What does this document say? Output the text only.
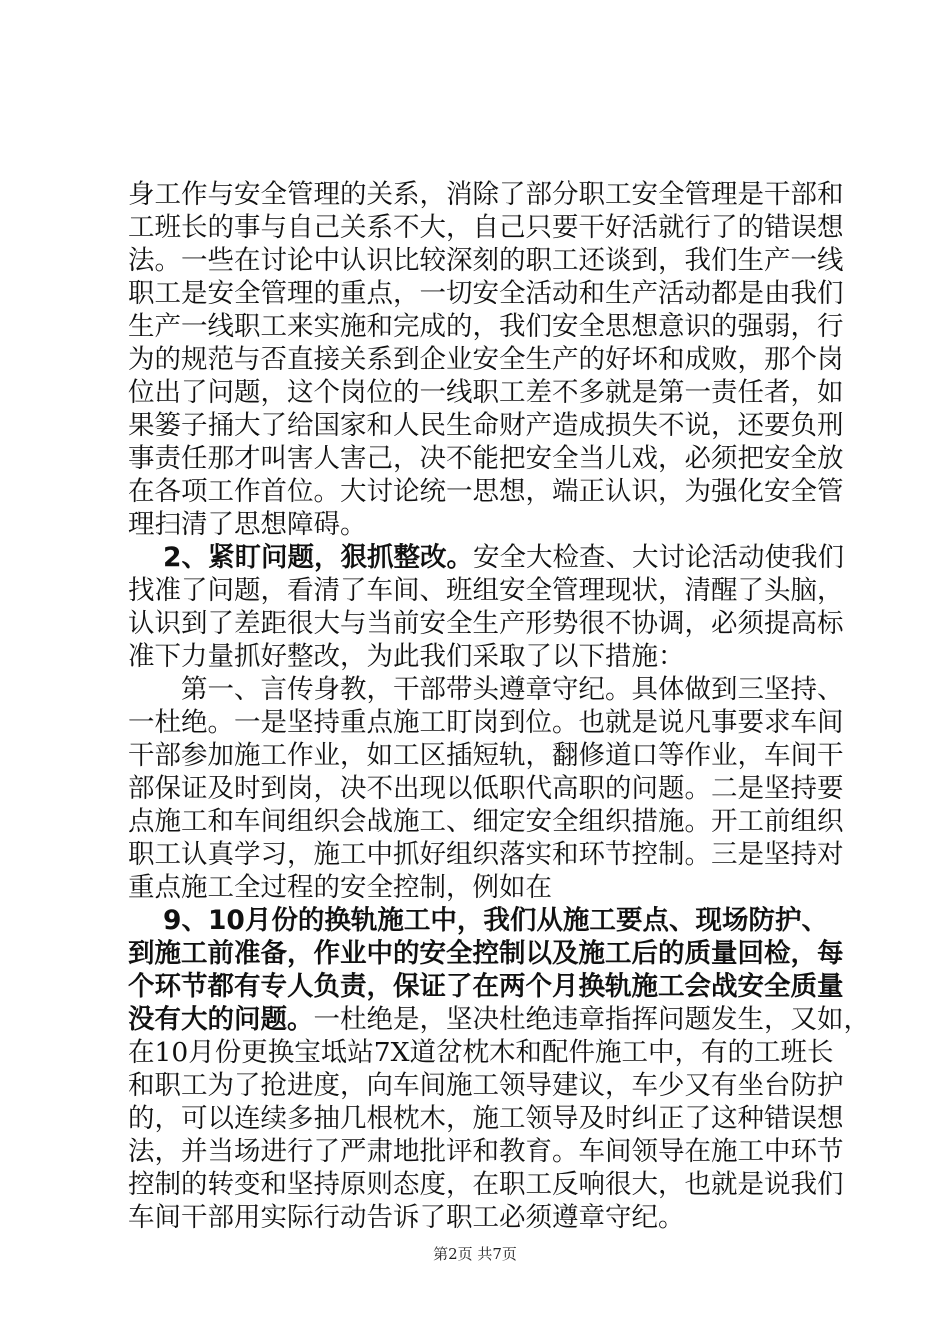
身工作与安全管理的关系，消除了部分职工安全管理是干部和
工班长的事与自己关系不大，自己只要干好活就行了的错误想
法。一些在讨论中认识比较深刻的职工还谈到，我们生产一线
职工是安全管理的重点，一切安全活动和生产活动都是由我们
生产一线职工来实施和完成的，我们安全思想意识的强弱，行
为的规范与否直接关系到企业安全生产的好坏和成败，那个岗
位出了问题，这个岗位的一线职工差不多就是第一责任者，如
果篓子捅大了给国家和人民生命财产造成损失不说，还要负刑
事责任那才叫害人害己，决不能把安全当儿戏，必须把安全放
在各项工作首位。大讨论统一思想，端正认识，为强化安全管
理扫清了思想障碍。
2、紧盯问题，狠抓整改。安全大检查、大讨论活动使我们
找准了问题，看清了车间、班组安全管理现状，清醒了头脑，
认识到了差距很大与当前安全生产形势很不协调，必须提高标
准下力量抓好整改，为此我们采取了以下措施：
第一、言传身教，干部带头遵章守纪。具体做到三坚持、
一杜绝。一是坚持重点施工盯岗到位。也就是说凡事要求车间
干部参加施工作业，如工区插短轨，翻修道口等作业，车间干
部保证及时到岗，决不出现以低职代高职的问题。二是坚持要
点施工和车间组织会战施工、细定安全组织措施。开工前组织
职工认真学习，施工中抓好组织落实和环节控制。三是坚持对
重点施工全过程的安全控制，例如在
9、10月份的换轨施工中，我们从施工要点、现场防护、
到施工前准备，作业中的安全控制以及施工后的质量回检，每
个环节都有专人负责，保证了在两个月换轨施工会战安全质量
没有大的问题。一杜绝是，坚决杜绝违章指挥问题发生，又如，
在10月份更换宝坻站7X道岔枕木和配件施工中，有的工班长
和职工为了抢进度，向车间施工领导建议，车少又有坐台防护
的，可以连续多抽几根枕木，施工领导及时纠正了这种错误想
法，并当场进行了严肃地批评和教育。车间领导在施工中环节
控制的转变和坚持原则态度，在职工反响很大，也就是说我们
车间干部用实际行动告诉了职工必须遵章守纪。
第2页 共7页
